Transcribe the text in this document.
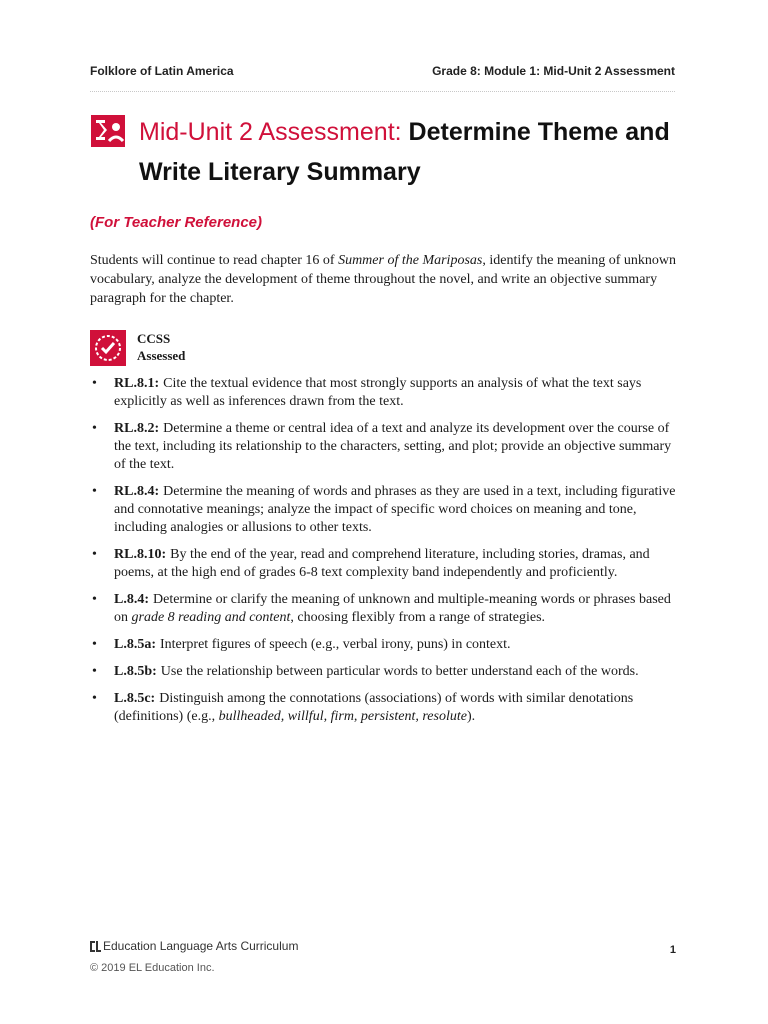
Folklore of Latin America	Grade 8: Module 1: Mid-Unit 2 Assessment
Mid-Unit 2 Assessment: Determine Theme and Write Literary Summary
(For Teacher Reference)

Students will continue to read chapter 16 of Summer of the Mariposas, identify the meaning of unknown vocabulary, analyze the development of theme throughout the novel, and write an objective summary paragraph for the chapter.

CCSS
Assessed
• RL.8.1: Cite the textual evidence that most strongly supports an analysis of what the text says explicitly as well as inferences drawn from the text.
• RL.8.2: Determine a theme or central idea of a text and analyze its development over the course of the text, including its relationship to the characters, setting, and plot; provide an objective summary of the text.
• RL.8.4: Determine the meaning of words and phrases as they are used in a text, including figurative and connotative meanings; analyze the impact of specific word choices on meaning and tone, including analogies or allusions to other texts.
• RL.8.10: By the end of the year, read and comprehend literature, including stories, dramas, and poems, at the high end of grades 6-8 text complexity band independently and proficiently.
• L.8.4: Determine or clarify the meaning of unknown and multiple-meaning words or phrases based on grade 8 reading and content, choosing flexibly from a range of strategies.
• L.8.5a: Interpret figures of speech (e.g., verbal irony, puns) in context.
• L.8.5b: Use the relationship between particular words to better understand each of the words.
• L.8.5c: Distinguish among the connotations (associations) of words with similar denotations (definitions) (e.g., bullheaded, willful, firm, persistent, resolute).
Education Language Arts Curriculum
© 2019 EL Education Inc.
1
